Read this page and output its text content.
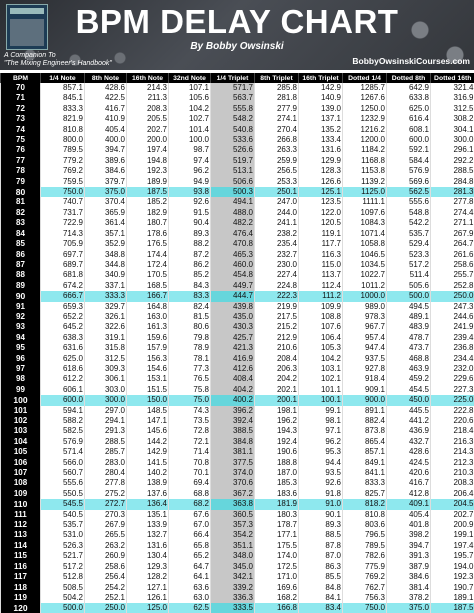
A Companion To
"The Mixing Engineer's Handbook"
BPM DELAY CHART
By Bobby Owsinski
BobbyOwsinskiCourses.com
BPM	1/4 Note	8th Note	16th Note	32nd Note	1/4 Triplet	8th Triplet	16th Triplet	Dotted 1/4	Dotted 8th	Dotted 16th
70	857.1	428.6	214.3	107.1	571.7	285.8	142.9	1285.7	642.9	321.4
71	845.1	422.5	211.3	105.6	563.7	281.8	140.9	1267.6	633.8	316.9
72	833.3	416.7	208.3	104.2	555.8	277.9	139.0	1250.0	625.0	312.5
73	821.9	410.9	205.5	102.7	548.2	274.1	137.1	1232.9	616.4	308.2
74	810.8	405.4	202.7	101.4	540.8	270.4	135.2	1216.2	608.1	304.1
75	800.0	400.0	200.0	100.0	533.6	266.8	133.4	1200.0	600.0	300.0
76	789.5	394.7	197.4	98.7	526.6	263.3	131.6	1184.2	592.1	296.1
77	779.2	389.6	194.8	97.4	519.7	259.9	129.9	1168.8	584.4	292.2
78	769.2	384.6	192.3	96.2	513.1	256.5	128.3	1153.8	576.9	288.5
79	759.5	379.7	189.9	94.9	506.6	253.3	126.6	1139.2	569.6	284.8
80	750.0	375.0	187.5	93.8	500.3	250.1	125.1	1125.0	562.5	281.3
81	740.7	370.4	185.2	92.6	494.1	247.0	123.5	1111.1	555.6	277.8
82	731.7	365.9	182.9	91.5	488.0	244.0	122.0	1097.6	548.8	274.4
83	722.9	361.4	180.7	90.4	482.2	241.1	120.5	1084.3	542.2	271.1
84	714.3	357.1	178.6	89.3	476.4	238.2	119.1	1071.4	535.7	267.9
85	705.9	352.9	176.5	88.2	470.8	235.4	117.7	1058.8	529.4	264.7
86	697.7	348.8	174.4	87.2	465.3	232.7	116.3	1046.5	523.3	261.6
87	689.7	344.8	172.4	86.2	460.0	230.0	115.0	1034.5	517.2	258.6
88	681.8	340.9	170.5	85.2	454.8	227.4	113.7	1022.7	511.4	255.7
89	674.2	337.1	168.5	84.3	449.7	224.8	112.4	1011.2	505.6	252.8
90	666.7	333.3	166.7	83.3	444.7	222.3	111.2	1000.0	500.0	250.0
91	659.3	329.7	164.8	82.4	439.8	219.9	109.9	989.0	494.5	247.3
92	652.2	326.1	163.0	81.5	435.0	217.5	108.8	978.3	489.1	244.6
93	645.2	322.6	161.3	80.6	430.3	215.2	107.6	967.7	483.9	241.9
94	638.3	319.1	159.6	79.8	425.7	212.9	106.4	957.4	478.7	239.4
95	631.6	315.8	157.9	78.9	421.3	210.6	105.3	947.4	473.7	236.8
96	625.0	312.5	156.3	78.1	416.9	208.4	104.2	937.5	468.8	234.4
97	618.6	309.3	154.6	77.3	412.6	206.3	103.1	927.8	463.9	232.0
98	612.2	306.1	153.1	76.5	408.4	204.2	102.1	918.4	459.2	229.6
99	606.1	303.0	151.5	75.8	404.2	202.1	101.1	909.1	454.5	227.3
100	600.0	300.0	150.0	75.0	400.2	200.1	100.1	900.0	450.0	225.0
101	594.1	297.0	148.5	74.3	396.2	198.1	99.1	891.1	445.5	222.8
102	588.2	294.1	147.1	73.5	392.4	196.2	98.1	882.4	441.2	220.6
103	582.5	291.3	145.6	72.8	388.5	194.3	97.1	873.8	436.9	218.4
104	576.9	288.5	144.2	72.1	384.8	192.4	96.2	865.4	432.7	216.3
105	571.4	285.7	142.9	71.4	381.1	190.6	95.3	857.1	428.6	214.3
106	566.0	283.0	141.5	70.8	377.5	188.8	94.4	849.1	424.5	212.3
107	560.7	280.4	140.2	70.1	374.0	187.0	93.5	841.1	420.6	210.3
108	555.6	277.8	138.9	69.4	370.6	185.3	92.6	833.3	416.7	208.3
109	550.5	275.2	137.6	68.8	367.2	183.6	91.8	825.7	412.8	206.4
110	545.5	272.7	136.4	68.2	363.8	181.9	91.0	818.2	409.1	204.5
111	540.5	270.3	135.1	67.6	360.5	180.3	90.1	810.8	405.4	202.7
112	535.7	267.9	133.9	67.0	357.3	178.7	89.3	803.6	401.8	200.9
113	531.0	265.5	132.7	66.4	354.2	177.1	88.5	796.5	398.2	199.1
114	526.3	263.2	131.6	65.8	351.1	175.5	87.8	789.5	394.7	197.4
115	521.7	260.9	130.4	65.2	348.0	174.0	87.0	782.6	391.3	195.7
116	517.2	258.6	129.3	64.7	345.0	172.5	86.3	775.9	387.9	194.0
117	512.8	256.4	128.2	64.1	342.1	171.0	85.5	769.2	384.6	192.3
118	508.5	254.2	127.1	63.6	339.2	169.6	84.8	762.7	381.4	190.7
119	504.2	252.1	126.1	63.0	336.3	168.2	84.1	756.3	378.2	189.1
120	500.0	250.0	125.0	62.5	333.5	166.8	83.4	750.0	375.0	187.5
